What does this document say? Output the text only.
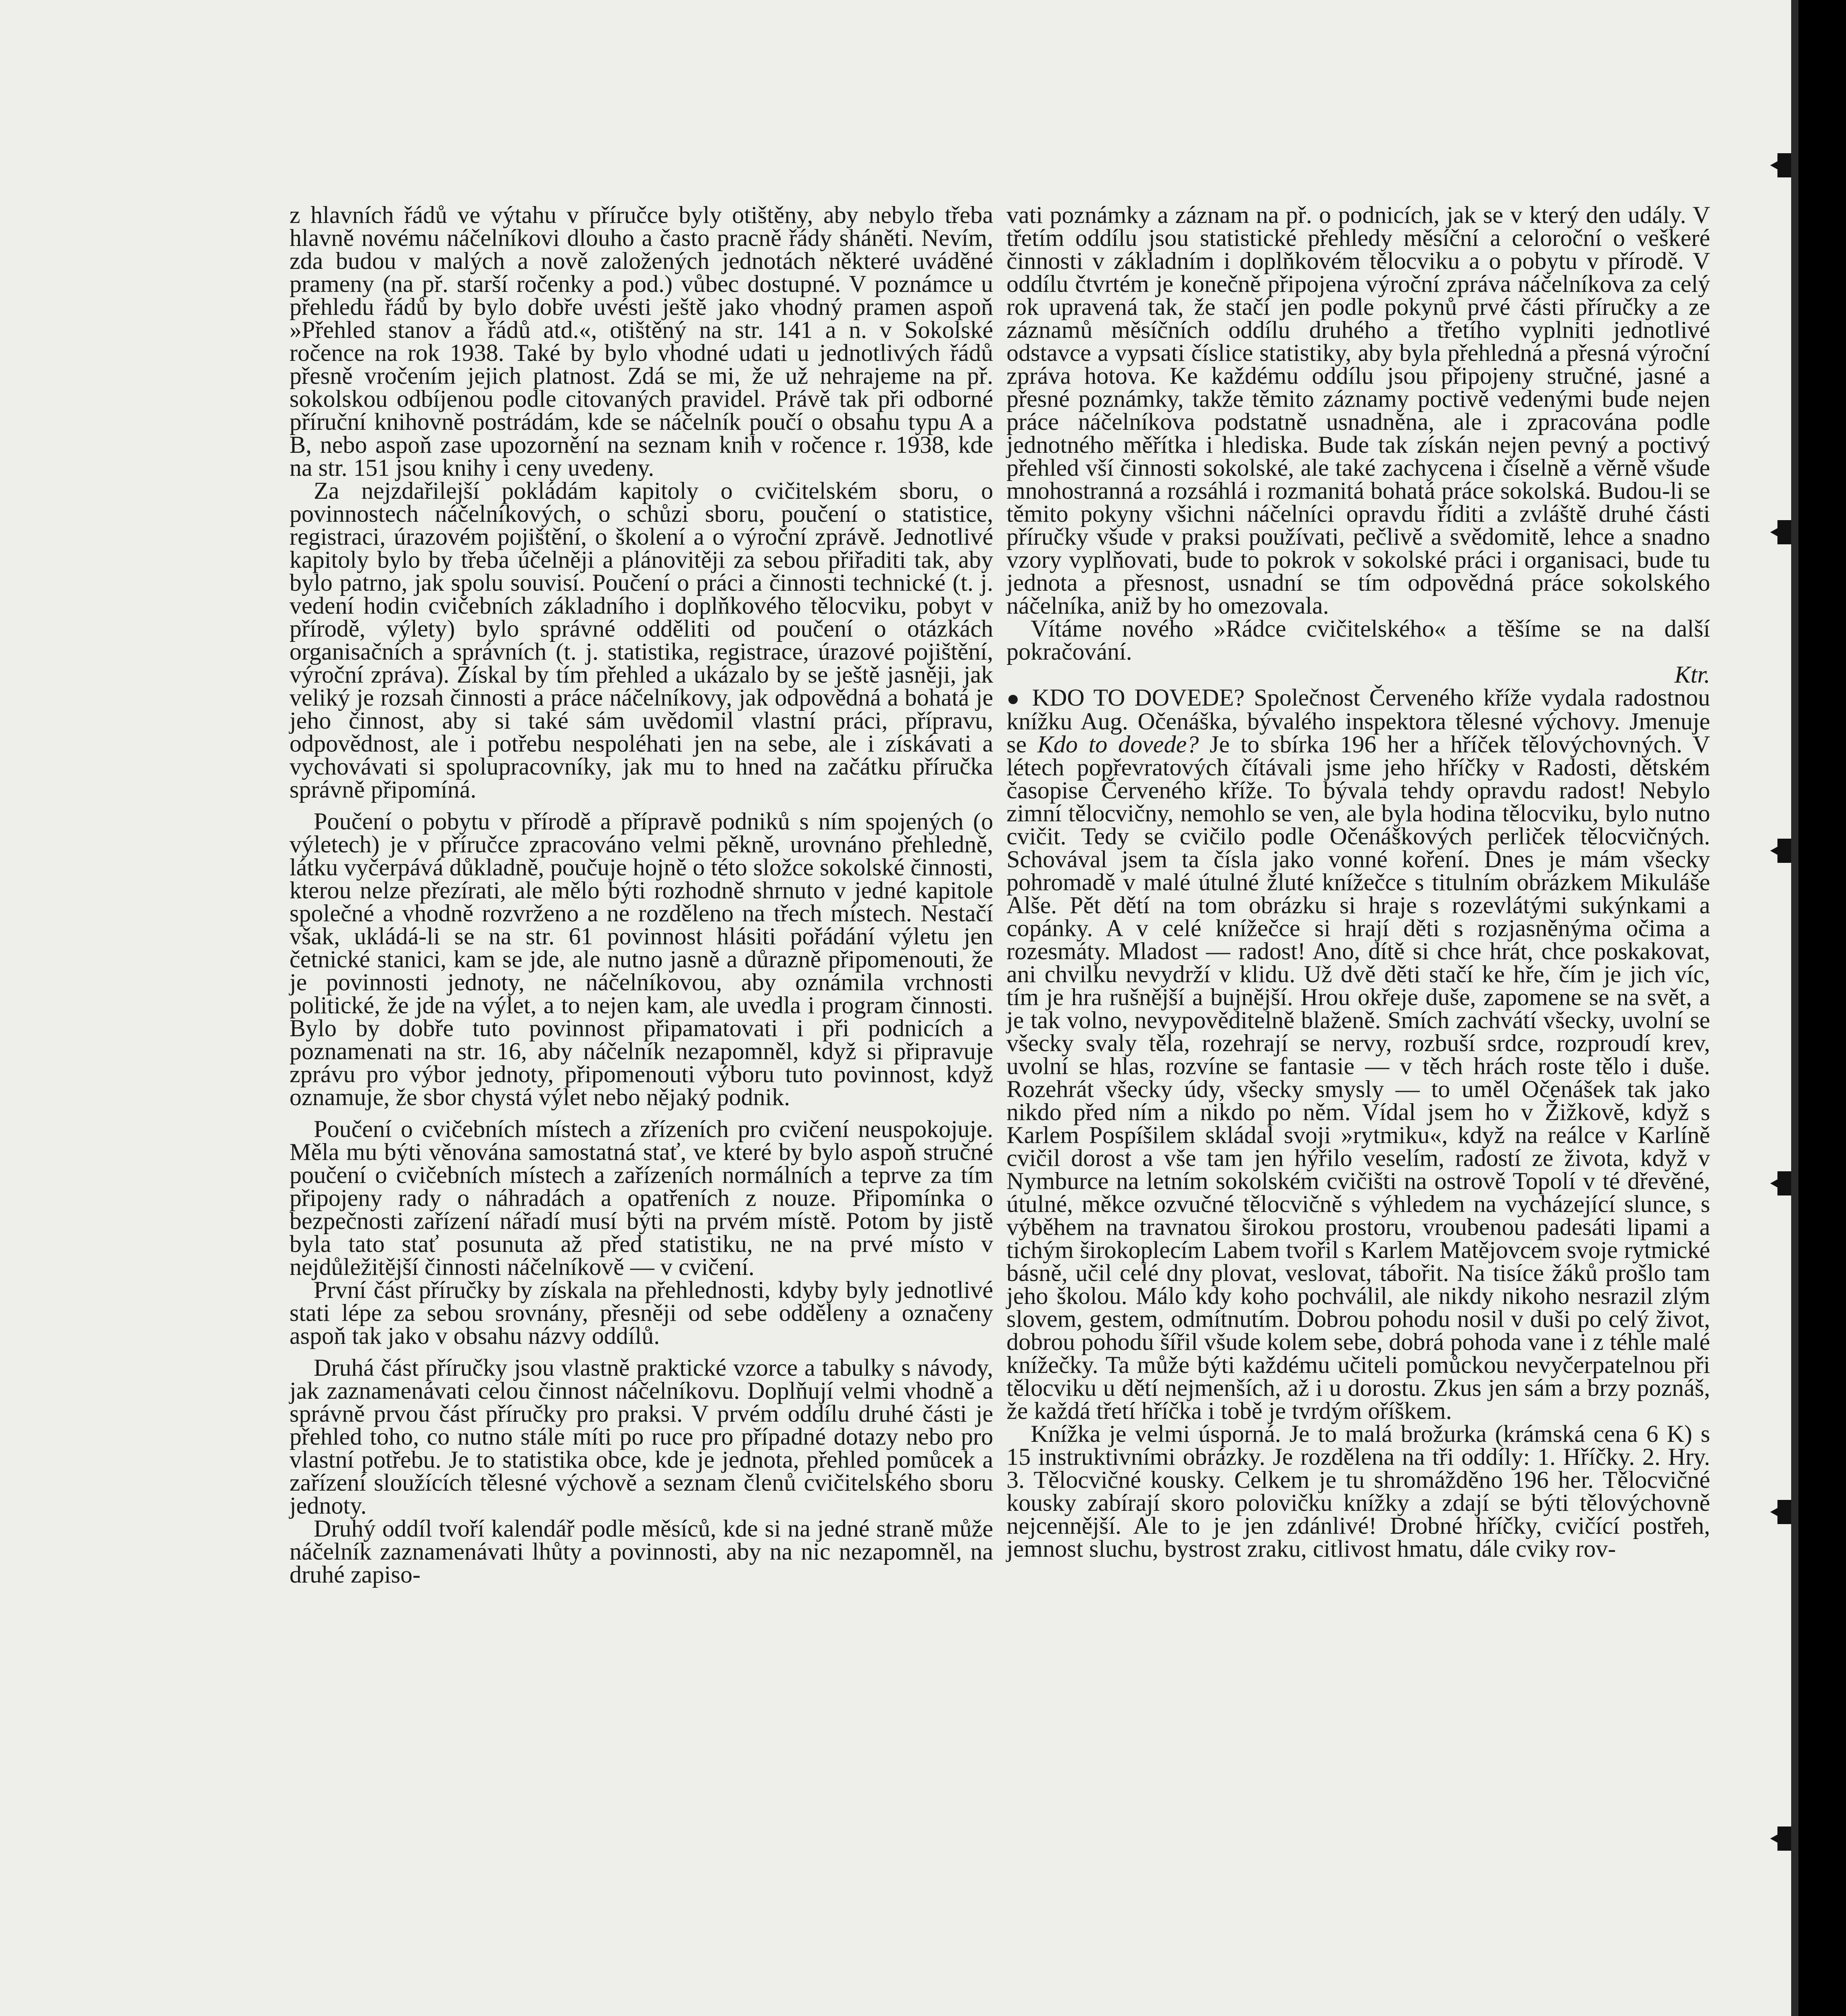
z hlavních řádů ve výtahu v příručce byly otištěny, aby nebylo třeba hlavně novému náčelníkovi dlouho a často pracně řády sháněti. Nevím, zda budou v malých a nově založených jednotách některé uváděné prameny (na př. starší ročenky a pod.) vůbec dostupné. V poznámce u přehledu řádů by bylo dobře uvésti ještě jako vhodný pramen aspoň »Přehled stanov a řádů atd.«, otištěný na str. 141 a n. v Sokolské ročence na rok 1938. Také by bylo vhodné udati u jednotlivých řádů přesně vročením jejich platnost. Zdá se mi, že už nehrajeme na př. sokolskou odbíjenou podle citovaných pravidel. Právě tak při odborné příruční knihovně postrádám, kde se náčelník poučí o obsahu typu A a B, nebo aspoň zase upozornění na seznam knih v ročence r. 1938, kde na str. 151 jsou knihy i ceny uvedeny.

Za nejzdařilejší pokládám kapitoly o cvičitelském sboru, o povinnostech náčelníkových, o schůzi sboru, poučení o statistice, registraci, úrazovém pojištění, o školení a o výroční zprávě. Jednotlivé kapitoly bylo by třeba účelněji a plánovitěji za sebou přiřaditi tak, aby bylo patrno, jak spolu souvisí. Poučení o práci a činnosti technické (t. j. vedení hodin cvičebních základního i doplňkového tělocviku, pobyt v přírodě, výlety) bylo správné odděliti od poučení o otázkách organisačních a správních (t. j. statistika, registrace, úrazové pojištění, výroční zpráva). Získal by tím přehled a ukázalo by se ještě jasněji, jak veliký je rozsah činnosti a práce náčelníkovy, jak odpovědná a bohatá je jeho činnost, aby si také sám uvědomil vlastní práci, přípravu, odpovědnost, ale i potřebu nespoléhati jen na sebe, ale i získávati a vychovávati si spolupracovníky, jak mu to hned na začátku příručka správně připomíná.

Poučení o pobytu v přírodě a přípravě podniků s ním spojených (o výletech) je v příručce zpracováno velmi pěkně, urovnáno přehledně, látku vyčerpává důkladně, poučuje hojně o této složce sokolské činnosti, kterou nelze přezírati, ale mělo býti rozhodně shrnuto v jedné kapitole společné a vhodně rozvrženo a ne rozděleno na třech místech. Nestačí však, ukládá-li se na str. 61 povinnost hlásiti pořádání výletu jen četnické stanici, kam se jde, ale nutno jasně a důrazně připomenouti, že je povinnosti jednoty, ne náčelníkovou, aby oznámila vrchnosti politické, že jde na výlet, a to nejen kam, ale uvedla i program činnosti. Bylo by dobře tuto povinnost připamatovati i při podnicích a poznamenati na str. 16, aby náčelník nezapomněl, když si připravuje zprávu pro výbor jednoty, připomenouti výboru tuto povinnost, když oznamuje, že sbor chystá výlet nebo nějaký podnik.

Poučení o cvičebních místech a zřízeních pro cvičení neuspokojuje. Měla mu býti věnována samostatná stať, ve které by bylo aspoň stručné poučení o cvičebních místech a zařízeních normálních a teprve za tím připojeny rady o náhradách a opatřeních z nouze. Připomínka o bezpečnosti zařízení nářadí musí býti na prvém místě. Potom by jistě byla tato stať posunuta až před statistiku, ne na prvé místo v nejdůležitější činnosti náčelníkově — v cvičení.

První část příručky by získala na přehlednosti, kdyby byly jednotlivé stati lépe za sebou srovnány, přesněji od sebe odděleny a označeny aspoň tak jako v obsahu názvy oddílů.

Druhá část příručky jsou vlastně praktické vzorce a tabulky s návody, jak zaznamenávati celou činnost náčelníkovu. Doplňují velmi vhodně a správně prvou část příručky pro praksi. V prvém oddílu druhé části je přehled toho, co nutno stále míti po ruce pro případné dotazy nebo pro vlastní potřebu. Je to statistika obce, kde je jednota, přehled pomůcek a zařízení sloužících tělesné výchově a seznam členů cvičitelského sboru jednoty.

Druhý oddíl tvoří kalendář podle měsíců, kde si na jedné straně může náčelník zaznamenávati lhůty a povinnosti, aby na nic nezapomněl, na druhé zapiso-

vati poznámky a záznam na př. o podnicích, jak se v který den udály. V třetím oddílu jsou statistické přehledy měsíční a celoroční o veškeré činnosti v základním i doplňkovém tělocviku a o pobytu v přírodě. V oddílu čtvrtém je konečně připojena výroční zpráva náčelníkova za celý rok upravená tak, že stačí jen podle pokynů prvé části příručky a ze záznamů měsíčních oddílu druhého a třetího vyplniti jednotlivé odstavce a vypsati číslice statistiky, aby byla přehledná a přesná výroční zpráva hotova. Ke každému oddílu jsou připojeny stručné, jasné a přesné poznámky, takže těmito záznamy poctivě vedenými bude nejen práce náčelníkova podstatně usnadněna, ale i zpracována podle jednotného měřítka i hlediska. Bude tak získán nejen pevný a poctivý přehled vší činnosti sokolské, ale také zachycena i číselně a věrně všude mnohostranná a rozsáhlá i rozmanitá bohatá práce sokolská. Budou-li se těmito pokyny všichni náčelníci opravdu říditi a zvláště druhé části příručky všude v praksi používati, pečlivě a svědomitě, lehce a snadno vzory vyplňovati, bude to pokrok v sokolské práci i organisaci, bude tu jednota a přesnost, usnadní se tím odpovědná práce sokolského náčelníka, aniž by ho omezovala.

Vítáme nového »Rádce cvičitelského« a těšíme se na další pokračování.

Ktr.

● KDO TO DOVEDE? Společnost Červeného kříže vydala radostnou knížku Aug. Očenáška, bývalého inspektora tělesné výchovy. Jmenuje se Kdo to dovede? Je to sbírka 196 her a hříček tělovýchovných. V létech popřevratových čítávali jsme jeho hříčky v Radosti, dětském časopise Červeného kříže. To bývala tehdy opravdu radost! Nebylo zimní tělocvičny, nemohlo se ven, ale byla hodina tělocviku, bylo nutno cvičit. Tedy se cvičilo podle Očenáškových perliček tělocvičných. Schovával jsem ta čísla jako vonné koření. Dnes je mám všecky pohromadě v malé útulné žluté knížečce s titulním obrázkem Mikuláše Alše. Pět dětí na tom obrázku si hraje s rozevlátými sukýnkami a copánky. A v celé knížečce si hrají děti s rozjasněnýma očima a rozesmáty. Mladost — radost! Ano, dítě si chce hrát, chce poskakovat, ani chvilku nevydrží v klidu. Už dvě děti stačí ke hře, čím je jich víc, tím je hra rušnější a bujnější. Hrou okřeje duše, zapomene se na svět, a je tak volno, nevypověditelně blaženě. Smích zachvátí všecky, uvolní se všecky svaly těla, rozehrají se nervy, rozbuší srdce, rozproudí krev, uvolní se hlas, rozvíne se fantasie — v těch hrách roste tělo i duše. Rozehrát všecky údy, všecky smysly — to uměl Očenášek tak jako nikdo před ním a nikdo po něm. Vídal jsem ho v Žižkově, když s Karlem Pospíšilem skládal svoji »rytmiku«, když na reálce v Karlíně cvičil dorost a vše tam jen hýřilo veselím, radostí ze života, když v Nymburce na letním sokolském cvičišti na ostrově Topolí v té dřevěné, útulné, měkce ozvučné tělocvičně s výhledem na vycházející slunce, s výběhem na travnatou širokou prostoru, vroubenou padesáti lipami a tichým širokoplecím Labem tvořil s Karlem Matějovcem svoje rytmické básně, učil celé dny plovat, veslovat, tábořit. Na tisíce žáků prošlo tam jeho školou. Málo kdy koho pochválil, ale nikdy nikoho nesrazil zlým slovem, gestem, odmítnutím. Dobrou pohodu nosil v duši po celý život, dobrou pohodu šířil všude kolem sebe, dobrá pohoda vane i z téhle malé knížečky. Ta může býti každému učiteli pomůckou nevyčerpatelnou při tělocviku u dětí nejmenších, až i u dorostu. Zkus jen sám a brzy poznáš, že každá třetí hříčka i tobě je tvrdým oříškem.

Knížka je velmi úsporná. Je to malá brožurka (krámská cena 6 K) s 15 instruktivními obrázky. Je rozdělena na tři oddíly: 1. Hříčky. 2. Hry. 3. Tělocvičné kousky. Celkem je tu shromážděno 196 her. Tělocvičné kousky zabírají skoro polovičku knížky a zdají se býti tělovýchovně nejcennější. Ale to je jen zdánlivé! Drobné hříčky, cvičící postřeh, jemnost sluchu, bystrost zraku, citlivost hmatu, dále cviky rov-
